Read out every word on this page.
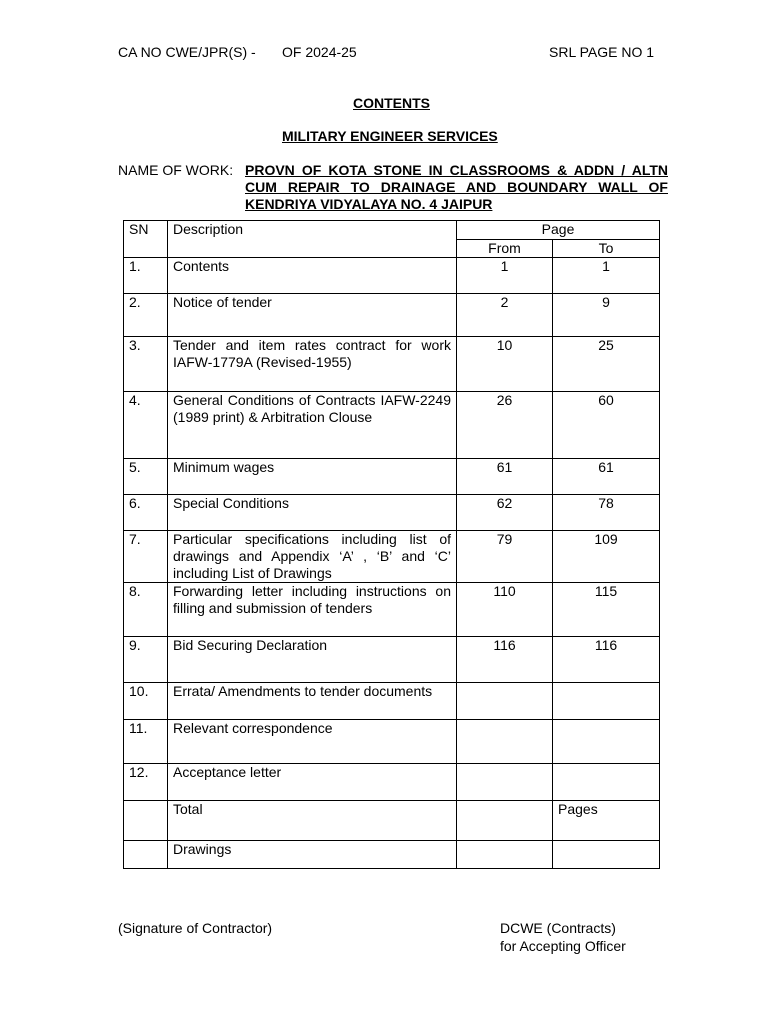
CA NO CWE/JPR(S) - OF 2024-25	SRL PAGE NO 1
CONTENTS
MILITARY ENGINEER SERVICES
NAME OF WORK: PROVN OF KOTA STONE IN CLASSROOMS & ADDN / ALTN CUM REPAIR TO DRAINAGE AND BOUNDARY WALL OF KENDRIYA VIDYALAYA NO. 4 JAIPUR
SN	Description	Page	
		From	To
1.	Contents	1	1
2.	Notice of tender	2	9
3.	Tender and item rates contract for work IAFW-1779A (Revised-1955)	10	25
4.	General Conditions of Contracts IAFW-2249 (1989 print) & Arbitration Clouse	26	60
5.	Minimum wages	61	61
6.	Special Conditions	62	78
7.	Particular specifications including list of drawings and Appendix ‘A’ , ‘B’ and ‘C’ including List of Drawings	79	109
8.	Forwarding letter including instructions on filling and submission of tenders	110	115
9.	Bid Securing Declaration	116	116
10.	Errata/ Amendments to tender documents		
11.	Relevant correspondence		
12.	Acceptance letter		
	Total		Pages
	Drawings		
(Signature of Contractor)	DCWE (Contracts)
for Accepting Officer
